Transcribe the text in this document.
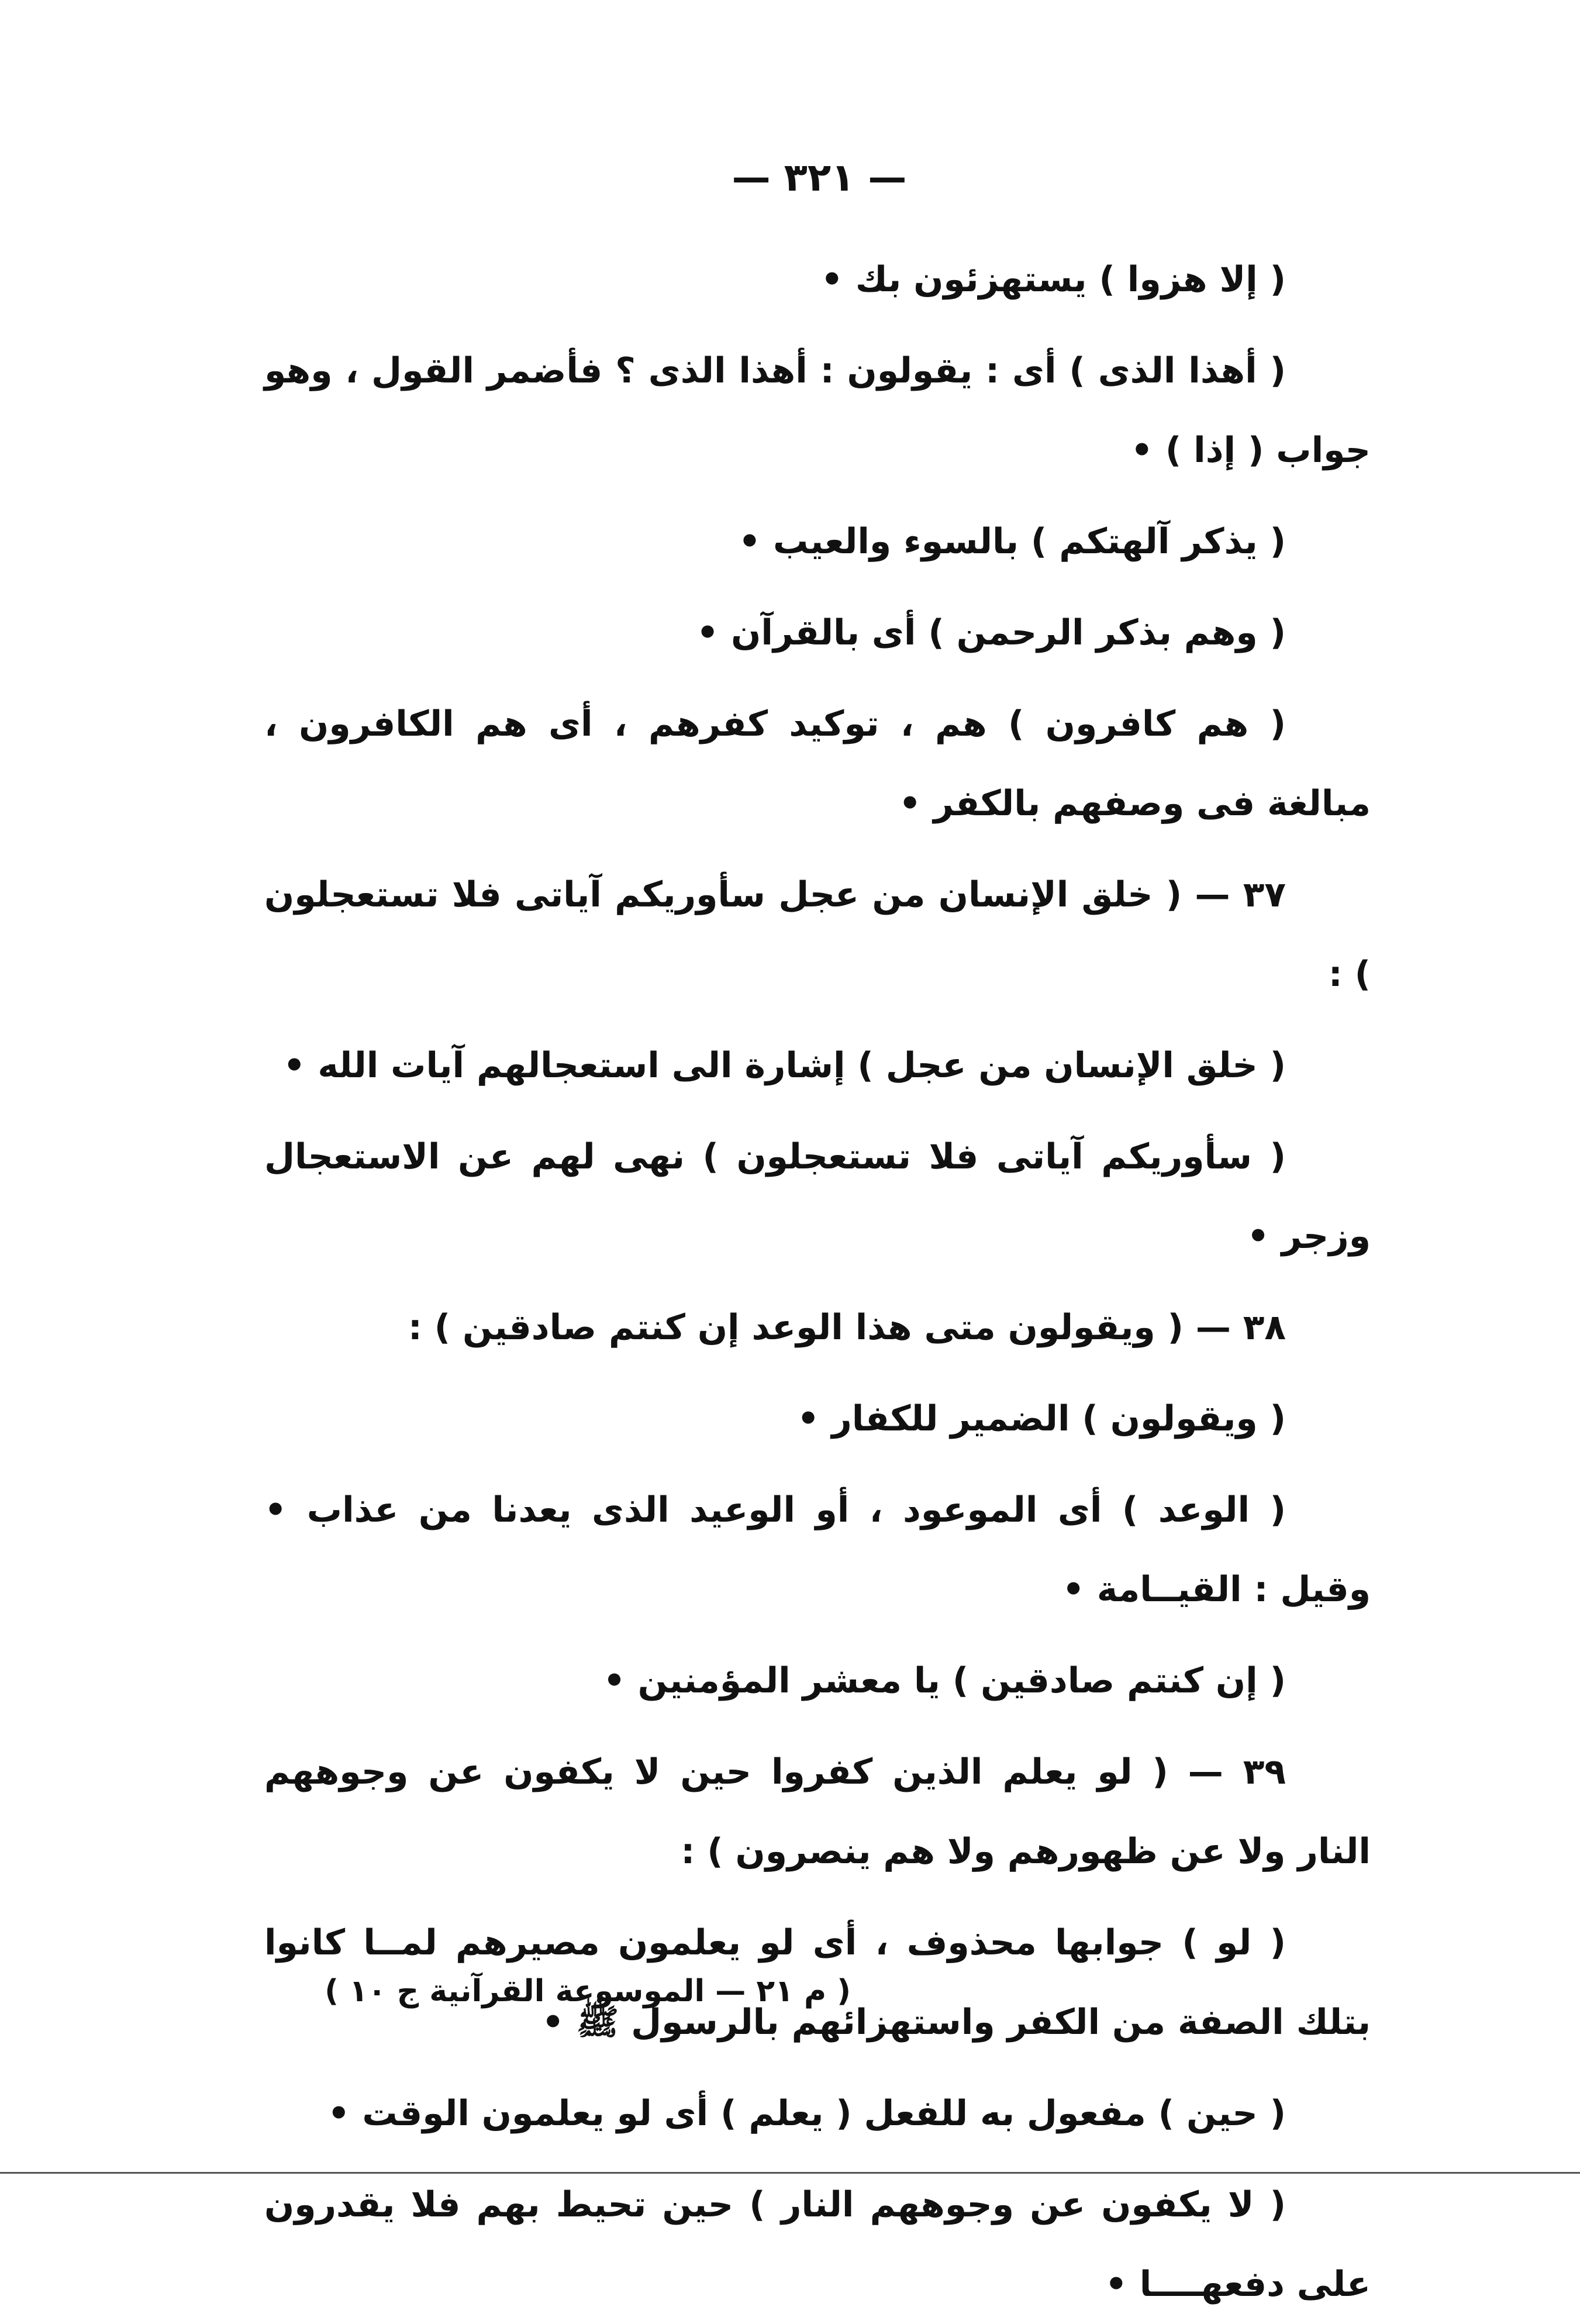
— ٣٢١ —

( إلا هزوا ) يستهزئون بك •

( أهذا الذى ) أى : يقولون : أهذا الذى ؟ فأضمر القول ، وهو جواب ( إذا ) •

( يذكر آلهتكم ) بالسوء والعيب •

( وهم بذكر الرحمن ) أى بالقرآن •

( هم كافرون ) هم ، توكيد كفرهم ، أى هم الكافرون ، مبالغة فى وصفهم بالكفر •

٣٧ — ( خلق الإنسان من عجل سأوريكم آياتى فلا تستعجلون ) :

( خلق الإنسان من عجل ) إشارة الى استعجالهم آيات الله •

( سأوريكم آياتى فلا تستعجلون ) نهى لهم عن الاستعجال وزجر •

٣٨ — ( ويقولون متى هذا الوعد إن كنتم صادقين ) :

( ويقولون ) الضمير للكفار •

( الوعد ) أى الموعود ، أو الوعيد الذى يعدنا من عذاب • وقيل : القيــامة •

( إن كنتم صادقين ) يا معشر المؤمنين •

٣٩ — ( لو يعلم الذين كفروا حين لا يكفون عن وجوههم النار ولا عن ظهورهم ولا هم ينصرون ) :

( لو ) جوابها محذوف ، أى لو يعلمون مصيرهم لمــا كانوا بتلك الصفة من الكفر واستهزائهم بالرسول ﷺ •

( حين ) مفعول به للفعل ( يعلم ) أى لو يعلمون الوقت •

( لا يكفون عن وجوههم النار ) حين تحيط بهم فلا يقدرون على دفعهــــا •

( م ٢١ — الموسوعة القرآنية ج ١٠ )
